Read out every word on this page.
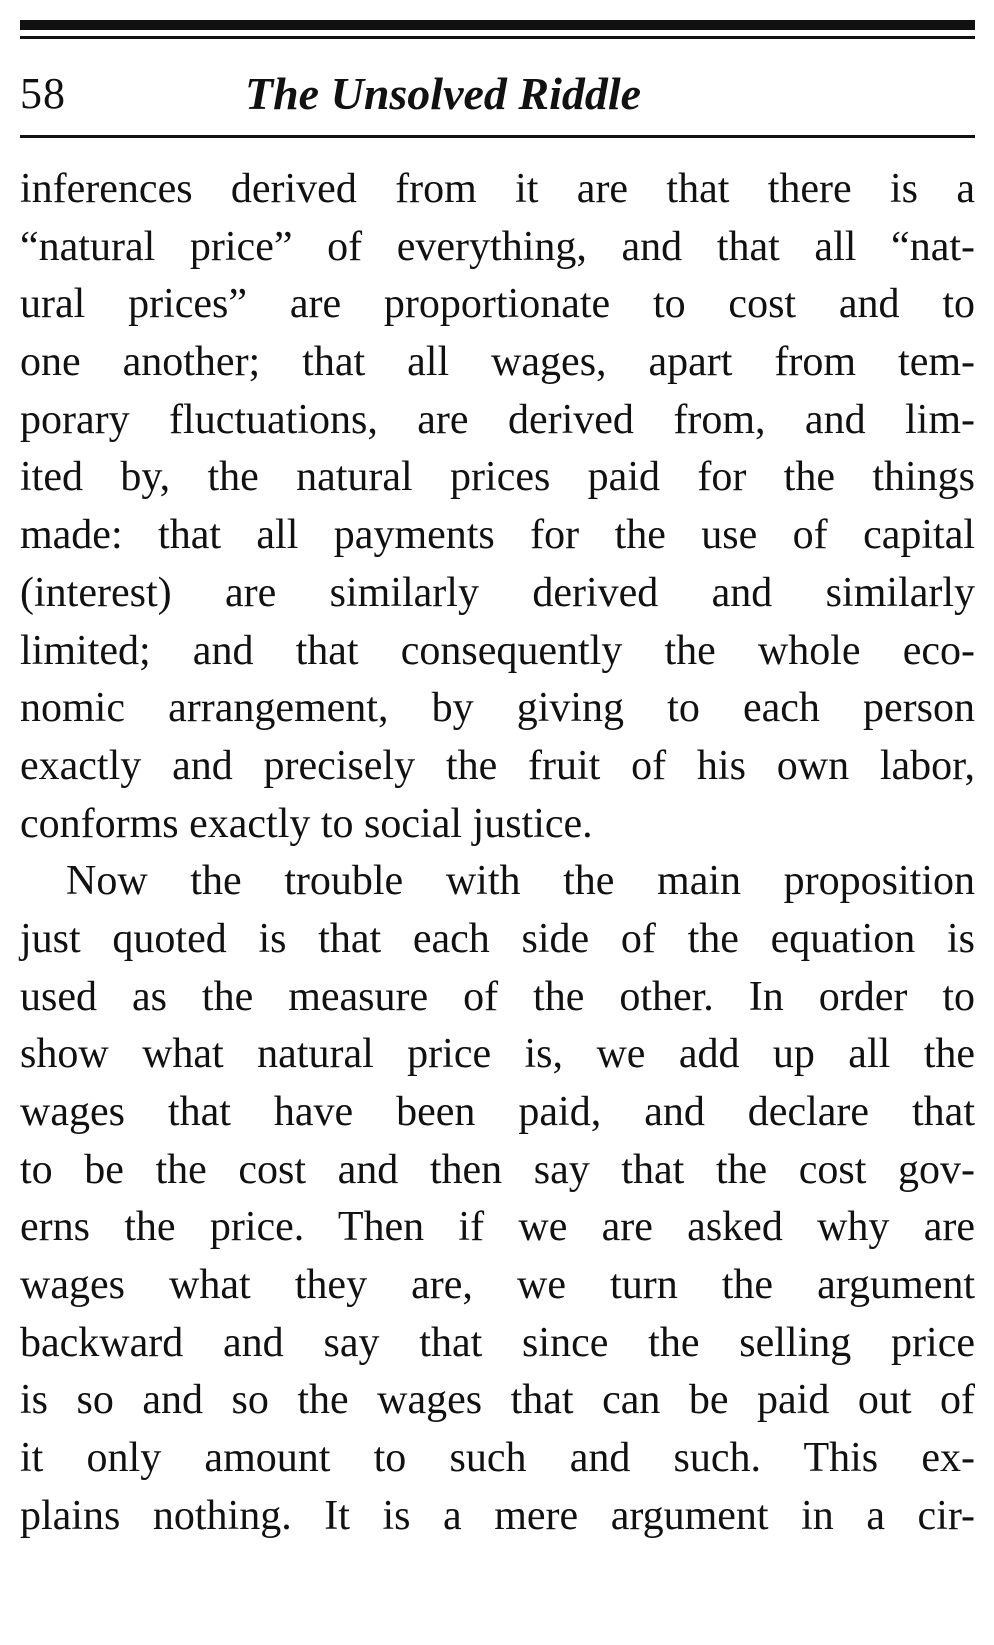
58	The Unsolved Riddle
inferences derived from it are that there is a
“natural price” of everything, and that all “nat-
ural prices” are proportionate to cost and to
one another; that all wages, apart from tem-
porary fluctuations, are derived from, and lim-
ited by, the natural prices paid for the things
made: that all payments for the use of capital
(interest) are similarly derived and similarly
limited; and that consequently the whole eco-
nomic arrangement, by giving to each person
exactly and precisely the fruit of his own labor,
conforms exactly to social justice.
Now the trouble with the main proposition
just quoted is that each side of the equation is
used as the measure of the other. In order to
show what natural price is, we add up all the
wages that have been paid, and declare that
to be the cost and then say that the cost gov-
erns the price. Then if we are asked why are
wages what they are, we turn the argument
backward and say that since the selling price
is so and so the wages that can be paid out of
it only amount to such and such. This ex-
plains nothing. It is a mere argument in a cir-
